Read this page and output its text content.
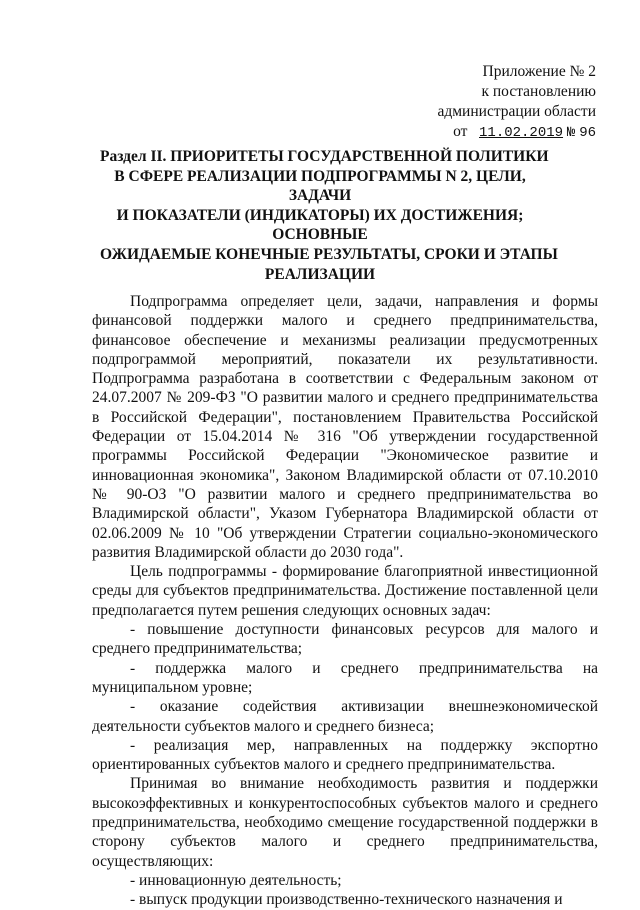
Приложение № 2
к постановлению
администрации области
от 11.02.2019 № 96
Раздел II. ПРИОРИТЕТЫ ГОСУДАРСТВЕННОЙ ПОЛИТИКИ
В СФЕРЕ РЕАЛИЗАЦИИ ПОДПРОГРАММЫ N 2, ЦЕЛИ,
ЗАДАЧИ
И ПОКАЗАТЕЛИ (ИНДИКАТОРЫ) ИХ ДОСТИЖЕНИЯ;
ОСНОВНЫЕ
ОЖИДАЕМЫЕ КОНЕЧНЫЕ РЕЗУЛЬТАТЫ, СРОКИ И ЭТАПЫ
РЕАЛИЗАЦИИ

Подпрограмма определяет цели, задачи, направления и формы финансовой поддержки малого и среднего предпринимательства, финансовое обеспечение и механизмы реализации предусмотренных подпрограммой мероприятий, показатели их результативности. Подпрограмма разработана в соответствии с Федеральным законом от 24.07.2007 № 209-ФЗ "О развитии малого и среднего предпринимательства в Российской Федерации", постановлением Правительства Российской Федерации от 15.04.2014 № 316 "Об утверждении государственной программы Российской Федерации "Экономическое развитие и инновационная экономика", Законом Владимирской области от 07.10.2010 № 90-ОЗ "О развитии малого и среднего предпринимательства во Владимирской области", Указом Губернатора Владимирской области от 02.06.2009 № 10 "Об утверждении Стратегии социально-экономического развития Владимирской области до 2030 года".

Цель подпрограммы - формирование благоприятной инвестиционной среды для субъектов предпринимательства. Достижение поставленной цели предполагается путем решения следующих основных задач:

- повышение доступности финансовых ресурсов для малого и среднего предпринимательства;

- поддержка малого и среднего предпринимательства на муниципальном уровне;

- оказание содействия активизации внешнеэкономической деятельности субъектов малого и среднего бизнеса;

- реализация мер, направленных на поддержку экспортно ориентированных субъектов малого и среднего предпринимательства.

Принимая во внимание необходимость развития и поддержки высокоэффективных и конкурентоспособных субъектов малого и среднего предпринимательства, необходимо смещение государственной поддержки в сторону субъектов малого и среднего предпринимательства, осуществляющих:

- инновационную деятельность;

- выпуск продукции производственно-технического назначения и
